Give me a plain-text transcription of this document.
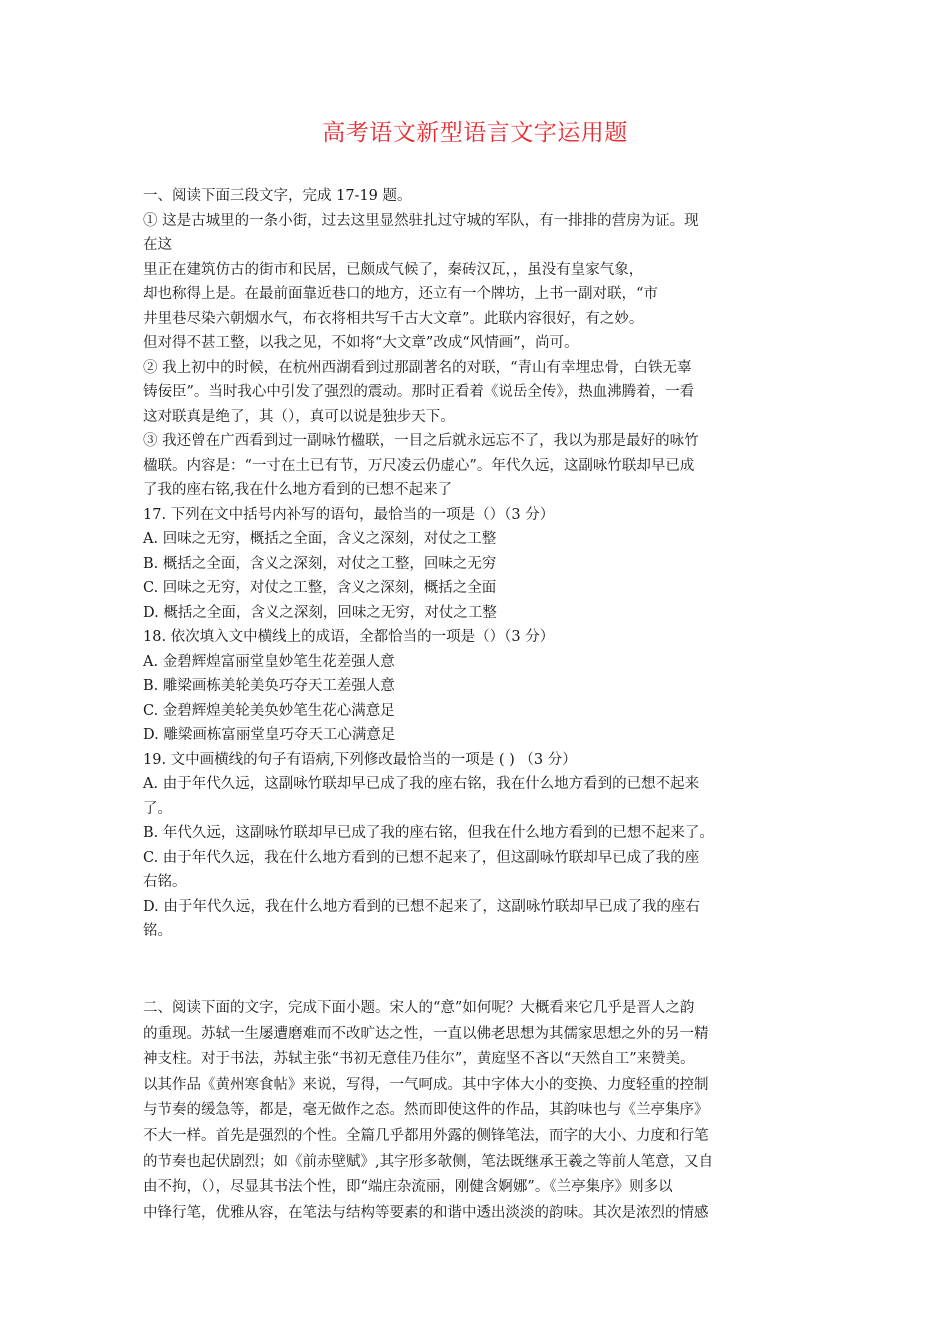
高考语文新型语言文字运用题
一、阅读下面三段文字，完成 17-19 题。
① 这是古城里的一条小街，过去这里显然驻扎过守城的军队，有一排排的营房为证。现
在这
里正在建筑仿古的街市和民居，已颇成气候了，秦砖汉瓦，，虽没有皇家气象，
却也称得上是。在最前面靠近巷口的地方，还立有一个牌坊，上书一副对联，“市
井里巷尽染六朝烟水气，布衣将相共写千古大文章”。此联内容很好，有之妙。
但对得不甚工整，以我之见，不如将“大文章”改成“风情画”，尚可。
② 我上初中的时候，在杭州西湖看到过那副著名的对联，“青山有幸埋忠骨，白铁无辜
铸佞臣”。当时我心中引发了强烈的震动。那时正看着《说岳全传》，热血沸腾着，一看
这对联真是绝了，其（），真可以说是独步天下。
③ 我还曾在广西看到过一副咏竹楹联，一目之后就永远忘不了，我以为那是最好的咏竹
楹联。内容是：“一寸在土已有节，万尺凌云仍虚心”。年代久远，这副咏竹联却早已成
了我的座右铭,我在什么地方看到的已想不起来了
17. 下列在文中括号内补写的语句，最恰当的一项是（）（3 分）
A. 回味之无穷，概括之全面，含义之深刻，对仗之工整
B. 概括之全面，含义之深刻，对仗之工整，回味之无穷
C. 回味之无穷，对仗之工整，含义之深刻，概括之全面
D. 概括之全面，含义之深刻，回味之无穷，对仗之工整
18. 依次填入文中横线上的成语，全都恰当的一项是（）（3 分）
A. 金碧辉煌富丽堂皇妙笔生花差强人意
B. 雕梁画栋美轮美奂巧夺天工差强人意
C. 金碧辉煌美轮美奂妙笔生花心满意足
D. 雕梁画栋富丽堂皇巧夺天工心满意足
19. 文中画横线的句子有语病,下列修改最恰当的一项是 ( ) （3 分）
A. 由于年代久远，这副咏竹联却早已成了我的座右铭，我在什么地方看到的已想不起来
了。
B. 年代久远，这副咏竹联却早已成了我的座右铭，但我在什么地方看到的已想不起来了。
C. 由于年代久远，我在什么地方看到的已想不起来了，但这副咏竹联却早已成了我的座
右铭。
D. 由于年代久远，我在什么地方看到的已想不起来了，这副咏竹联却早已成了我的座右
铭。
二、阅读下面的文字，完成下面小题。宋人的“意”如何呢？大概看来它几乎是晋人之韵
的重现。苏轼一生屡遭磨难而不改旷达之性，一直以佛老思想为其儒家思想之外的另一精
神支柱。对于书法，苏轼主张“书初无意佳乃佳尔”，黄庭坚不吝以“天然自工”来赞美。
以其作品《黄州寒食帖》来说，写得，一气呵成。其中字体大小的变换、力度轻重的控制
与节奏的缓急等，都是，毫无做作之态。然而即使这件的作品，其韵味也与《兰亭集序》
不大一样。首先是强烈的个性。全篇几乎都用外露的侧锋笔法，而字的大小、力度和行笔
的节奏也起伏剧烈；如《前赤壁赋》,其字形多欹侧，笔法既继承王羲之等前人笔意，又自
由不拘，（），尽显其书法个性，即“端庄杂流丽，刚健含婀娜”。《兰亭集序》则多以
中锋行笔，优雅从容，在笔法与结构等要素的和谐中透出淡淡的韵味。其次是浓烈的情感
